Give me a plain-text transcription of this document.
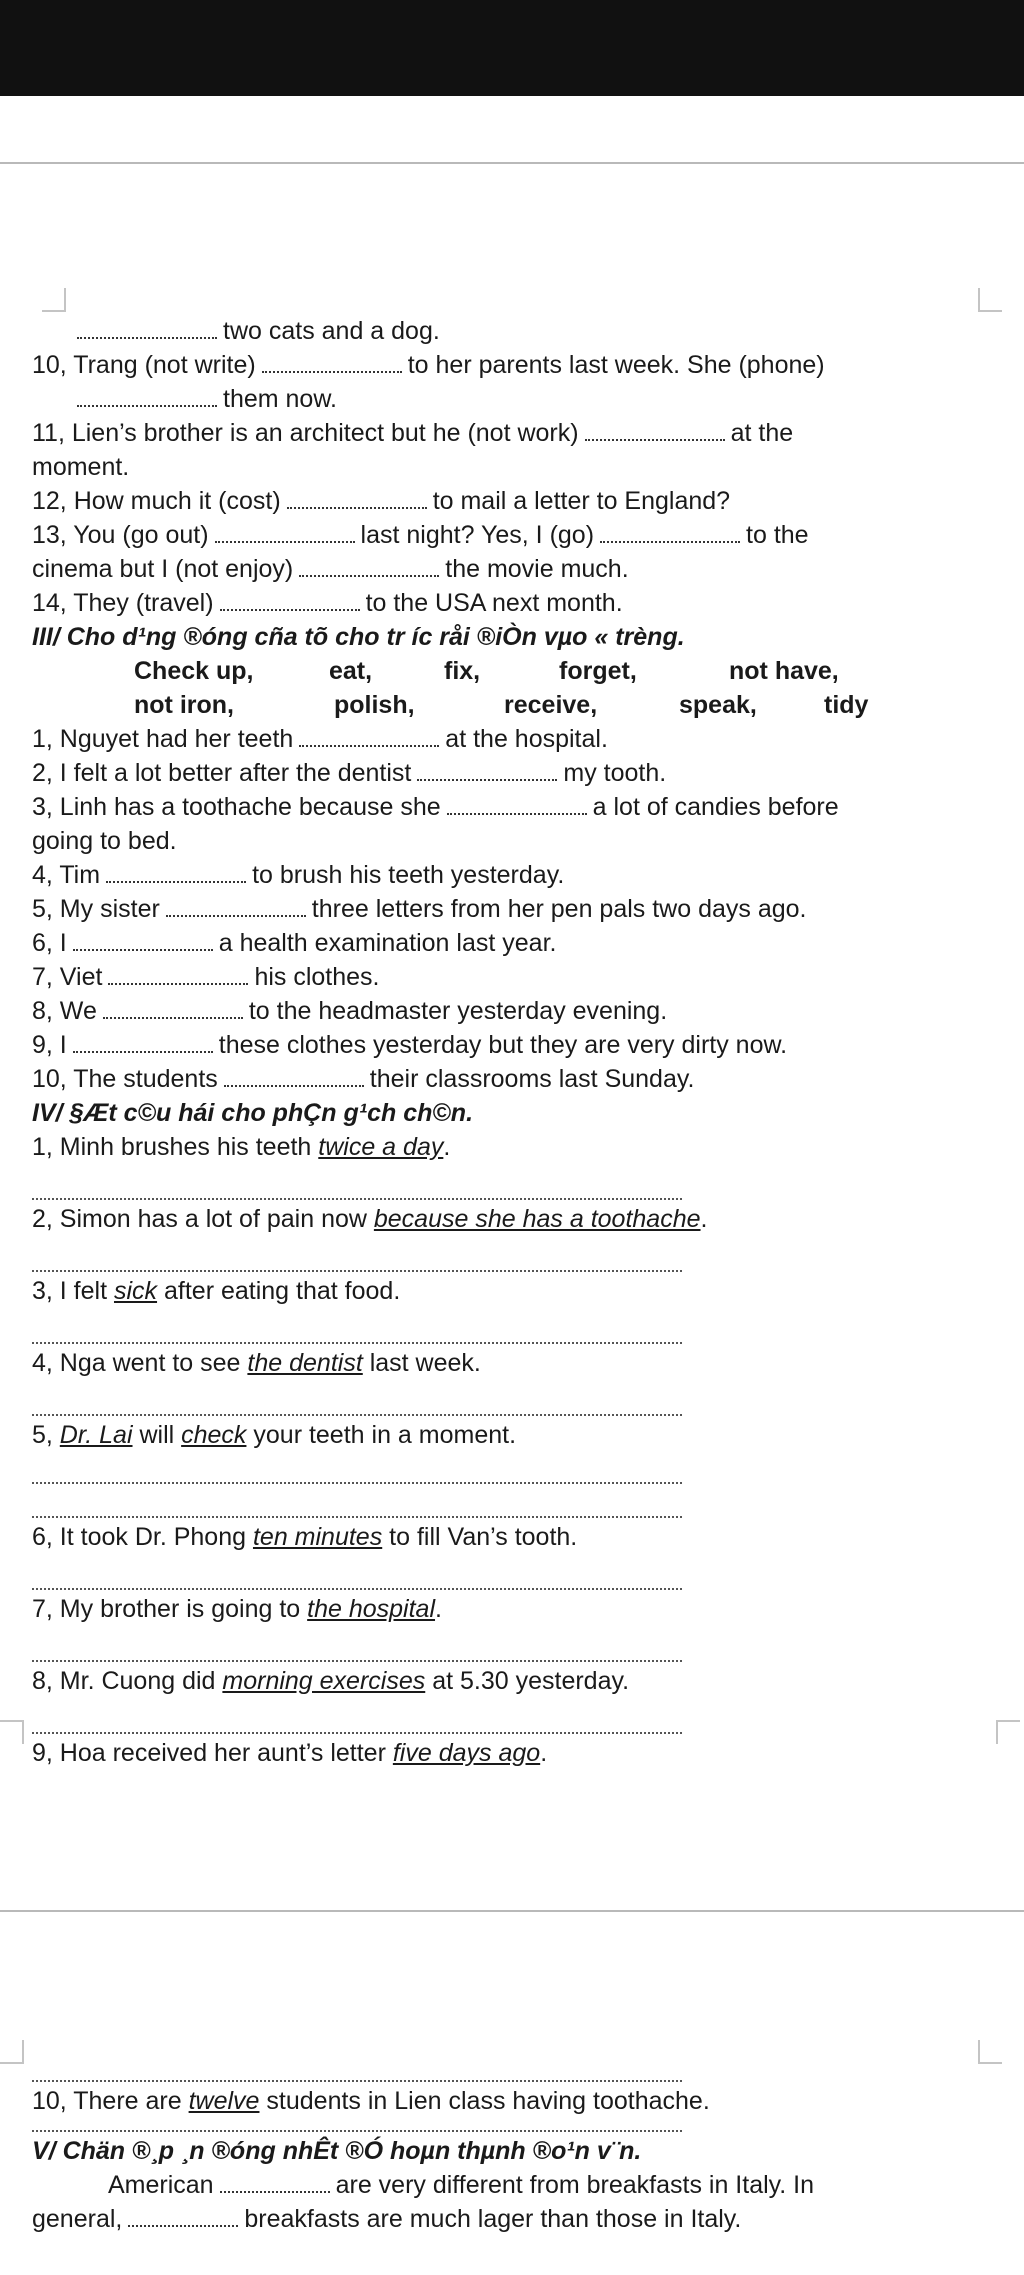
two cats and a dog.
10, Trang (not write)	to her parents last week. She (phone)
them now.
11, Lien’s brother is an architect but he (not work)	at the
moment.
12, How much it (cost)	to mail a letter to England?
13, You (go out)	last night? Yes, I (go)	to the
cinema but I (not enjoy)	the movie much.
14, They (travel)	to the USA next month.
III/ Cho d¹ng ®óng cña tõ cho tr íc råi ®iÒn vµo « trèng.
Check up,	eat,	fix,	forget,	not have,
not iron,	polish,	receive,	speak,	tidy
1, Nguyet had her teeth	at the hospital.
2, I felt a lot better after the dentist	my tooth.
3, Linh has a toothache because she	a lot of candies before
going to bed.
4, Tim	to brush his teeth yesterday.
5, My sister	three letters from her pen pals two days ago.
6, I	a health examination last year.
7, Viet	his clothes.
8, We	to the headmaster yesterday evening.
9, I	these clothes yesterday but they are very dirty now.
10, The students	their classrooms last Sunday.
IV/ §Æt c©u hái cho phÇn g¹ch ch©n.
1, Minh brushes his teeth twice a day.
2, Simon has a lot of pain now because she has a toothache.
3, I felt sick after eating that food.
4, Nga went to see the dentist last week.
5, Dr. Lai will check your teeth in a moment.
6, It took Dr. Phong ten minutes to fill Van’s tooth.
7, My brother is going to the hospital.
8, Mr. Cuong did morning exercises at 5.30 yesterday.
9, Hoa received her aunt’s letter five days ago.
10, There are twelve students in Lien class having toothache.
V/ Chän ®¸p ¸n ®óng nhÊt ®Ó hoµn thµnh ®o¹n v¨n.
American	are very different from breakfasts in Italy. In
general,	breakfasts are much lager than those in Italy.
